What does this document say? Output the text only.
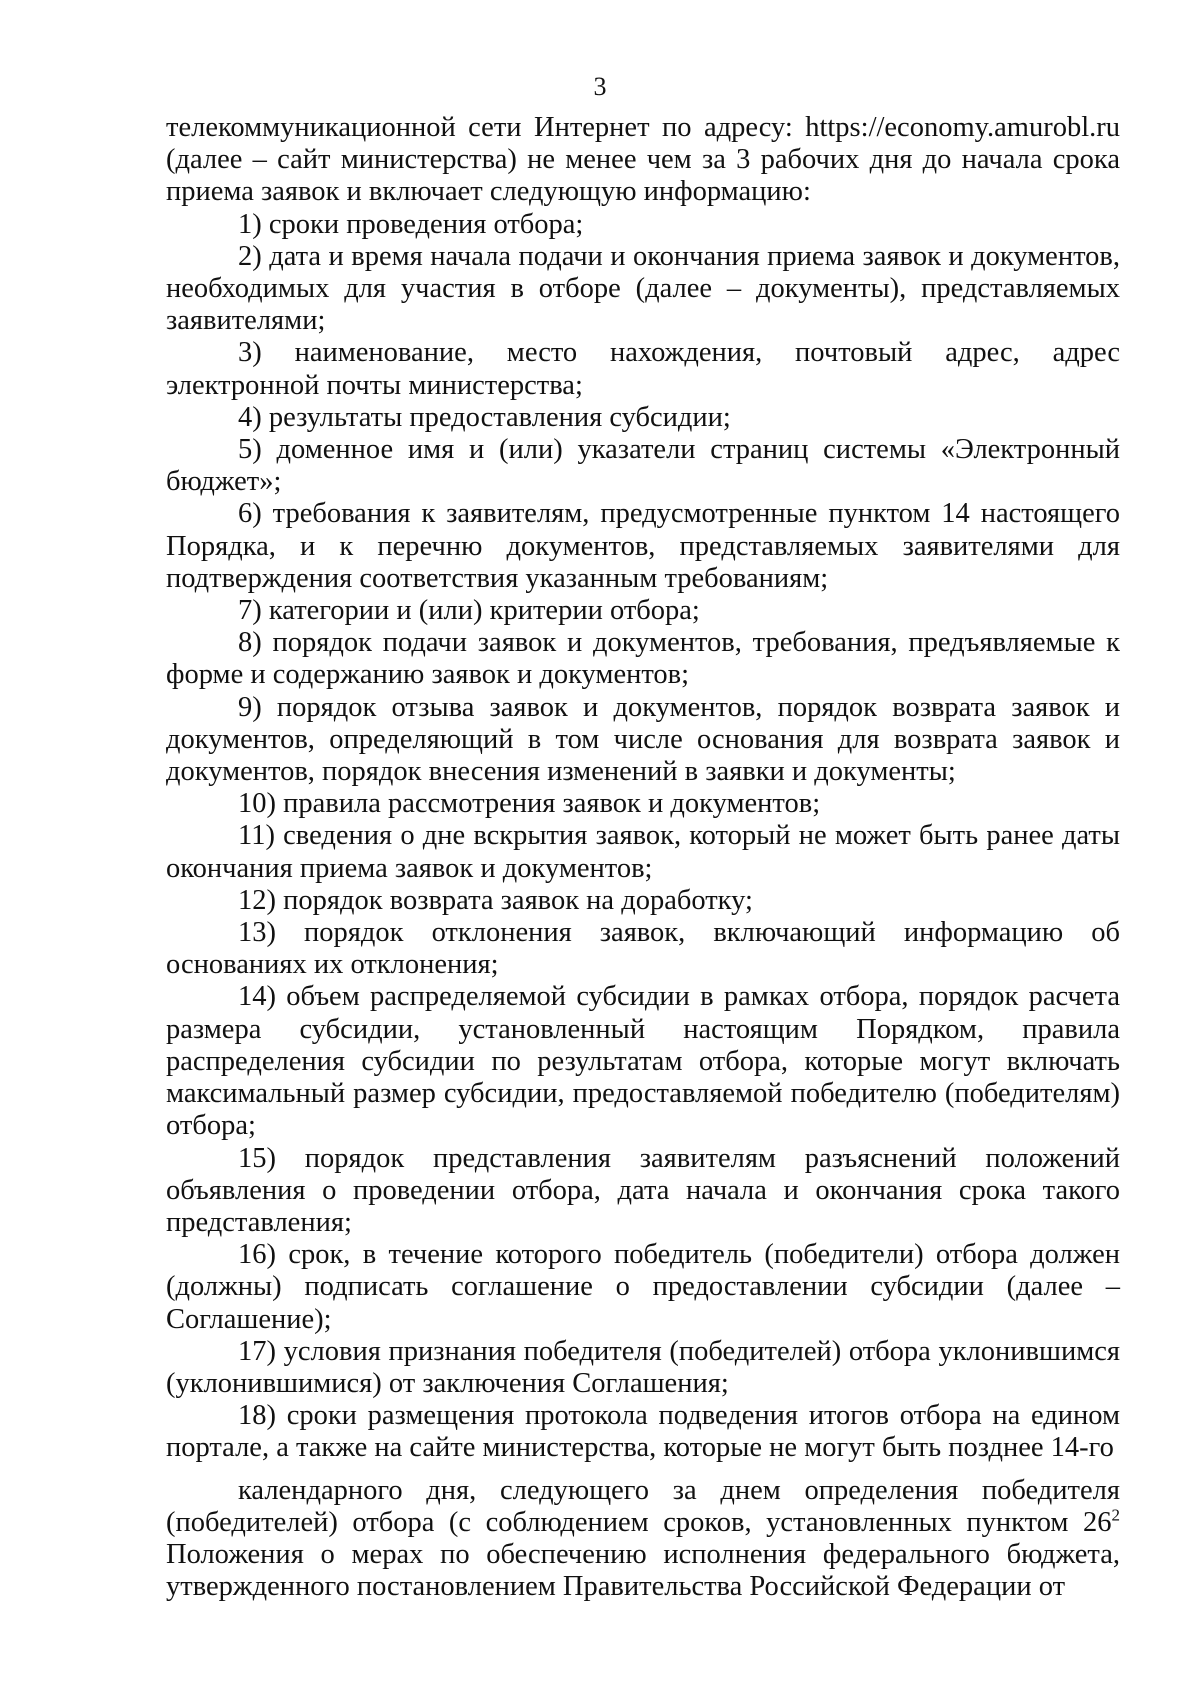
3

телекоммуникационной сети Интернет по адресу: https://economy.amurobl.ru (далее – сайт министерства) не менее чем за 3 рабочих дня до начала срока приема заявок и включает следующую информацию:

1) сроки проведения отбора;

2) дата и время начала подачи и окончания приема заявок и документов, необходимых для участия в отборе (далее – документы), представляемых заявителями;

3) наименование, место нахождения, почтовый адрес, адрес электронной почты министерства;

4) результаты предоставления субсидии;

5) доменное имя и (или) указатели страниц системы «Электронный бюджет»;

6) требования к заявителям, предусмотренные пунктом 14 настоящего Порядка, и к перечню документов, представляемых заявителями для подтверждения соответствия указанным требованиям;

7) категории и (или) критерии отбора;

8) порядок подачи заявок и документов, требования, предъявляемые к форме и содержанию заявок и документов;

9) порядок отзыва заявок и документов, порядок возврата заявок и документов, определяющий в том числе основания для возврата заявок и документов, порядок внесения изменений в заявки и документы;

10) правила рассмотрения заявок и документов;

11) сведения о дне вскрытия заявок, который не может быть ранее даты окончания приема заявок и документов;

12) порядок возврата заявок на доработку;

13) порядок отклонения заявок, включающий информацию об основаниях их отклонения;

14) объем распределяемой субсидии в рамках отбора, порядок расчета размера субсидии, установленный настоящим Порядком, правила распределения субсидии по результатам отбора, которые могут включать максимальный размер субсидии, предоставляемой победителю (победителям) отбора;

15) порядок представления заявителям разъяснений положений объявления о проведении отбора, дата начала и окончания срока такого представления;

16) срок, в течение которого победитель (победители) отбора должен (должны) подписать соглашение о предоставлении субсидии (далее – Соглашение);

17) условия признания победителя (победителей) отбора уклонившимся (уклонившимися) от заключения Соглашения;

18) сроки размещения протокола подведения итогов отбора на едином портале, а также на сайте министерства, которые не могут быть позднее 14-го

календарного дня, следующего за днем определения победителя (победителей) отбора (с соблюдением сроков, установленных пунктом $26^2$ Положения о мерах по обеспечению исполнения федерального бюджета, утвержденного постановлением Правительства Российской Федерации от
